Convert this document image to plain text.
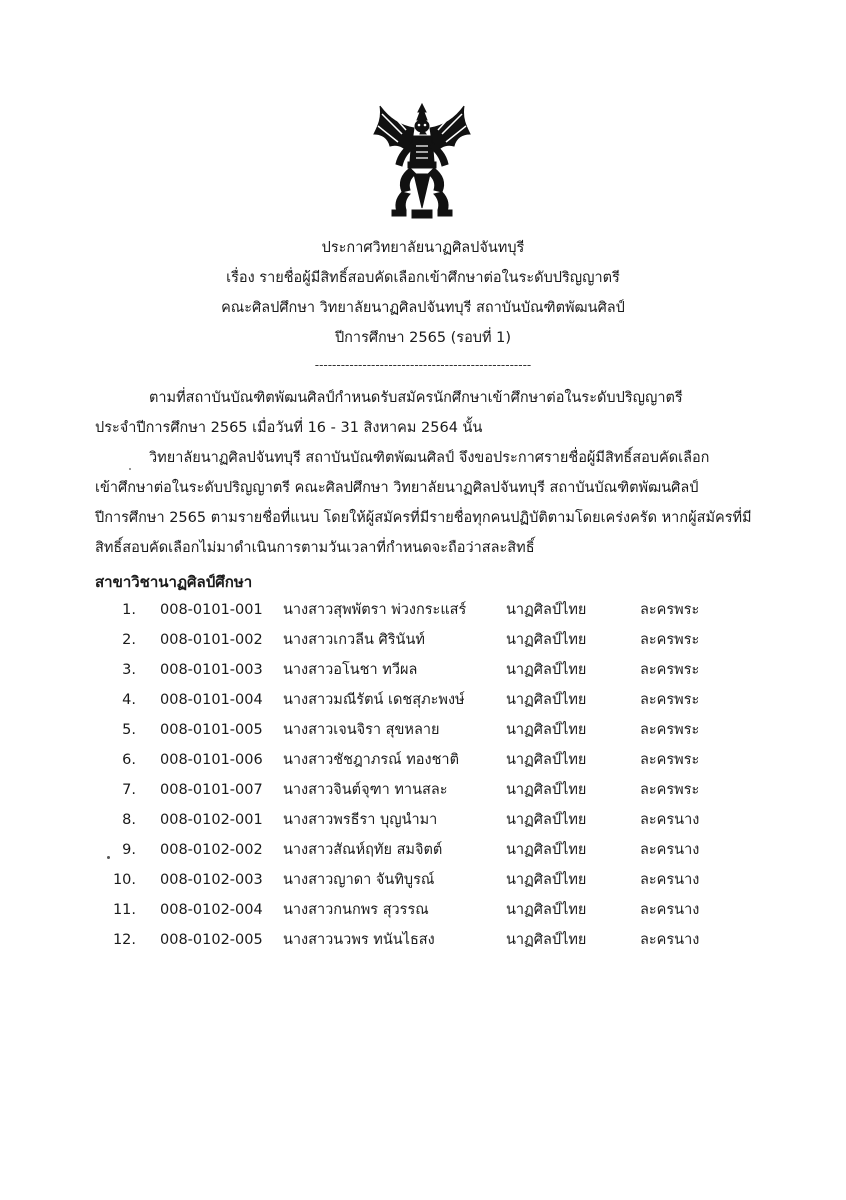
ประกาศวิทยาลัยนาฏศิลปจันทบุรี
เรื่อง รายชื่อผู้มีสิทธิ์สอบคัดเลือกเข้าศึกษาต่อในระดับปริญญาตรี
คณะศิลปศึกษา วิทยาลัยนาฏศิลปจันทบุรี สถาบันบัณฑิตพัฒนศิลป์
ปีการศึกษา 2565 (รอบที่ 1)
--------------------------------------------------
ตามที่สถาบันบัณฑิตพัฒนศิลป์กำหนดรับสมัครนักศึกษาเข้าศึกษาต่อในระดับปริญญาตรี
ประจำปีการศึกษา 2565 เมื่อวันที่ 16 - 31 สิงหาคม 2564 นั้น
วิทยาลัยนาฏศิลปจันทบุรี สถาบันบัณฑิตพัฒนศิลป์ จึงขอประกาศรายชื่อผู้มีสิทธิ์สอบคัดเลือก
เข้าศึกษาต่อในระดับปริญญาตรี คณะศิลปศึกษา วิทยาลัยนาฏศิลปจันทบุรี สถาบันบัณฑิตพัฒนศิลป์
ปีการศึกษา 2565 ตามรายชื่อที่แนบ โดยให้ผู้สมัครที่มีรายชื่อทุกคนปฏิบัติตามโดยเคร่งครัด หากผู้สมัครที่มี
สิทธิ์สอบคัดเลือกไม่มาดำเนินการตามวันเวลาที่กำหนดจะถือว่าสละสิทธิ์
สาขาวิชานาฏศิลป์ศึกษา
1. 008-0101-001 นางสาวสุพพัตรา พ่วงกระแสร์	นาฏศิลป์ไทย	ละครพระ
2. 008-0101-002 นางสาวเกวลีน ศิรินันท์	นาฏศิลป์ไทย	ละครพระ
3. 008-0101-003 นางสาวอโนชา ทวีผล	นาฏศิลป์ไทย	ละครพระ
4. 008-0101-004 นางสาวมณีรัตน์ เดชสุภะพงษ์	นาฏศิลป์ไทย	ละครพระ
5. 008-0101-005 นางสาวเจนจิรา สุขหลาย	นาฏศิลป์ไทย	ละครพระ
6. 008-0101-006 นางสาวชัชฎาภรณ์ ทองชาติ	นาฏศิลป์ไทย	ละครพระ
7. 008-0101-007 นางสาวจินต์จุฑา ทานสละ	นาฏศิลป์ไทย	ละครพระ
8. 008-0102-001 นางสาวพรธีรา บุญนำมา	นาฏศิลป์ไทย	ละครนาง
9. 008-0102-002 นางสาวสัณห์ฤทัย สมจิตต์	นาฏศิลป์ไทย	ละครนาง
10. 008-0102-003 นางสาวญาดา จันทิบูรณ์	นาฏศิลป์ไทย	ละครนาง
11. 008-0102-004 นางสาวกนกพร สุวรรณ	นาฏศิลป์ไทย	ละครนาง
12. 008-0102-005 นางสาวนวพร ทนันไธสง	นาฏศิลป์ไทย	ละครนาง
